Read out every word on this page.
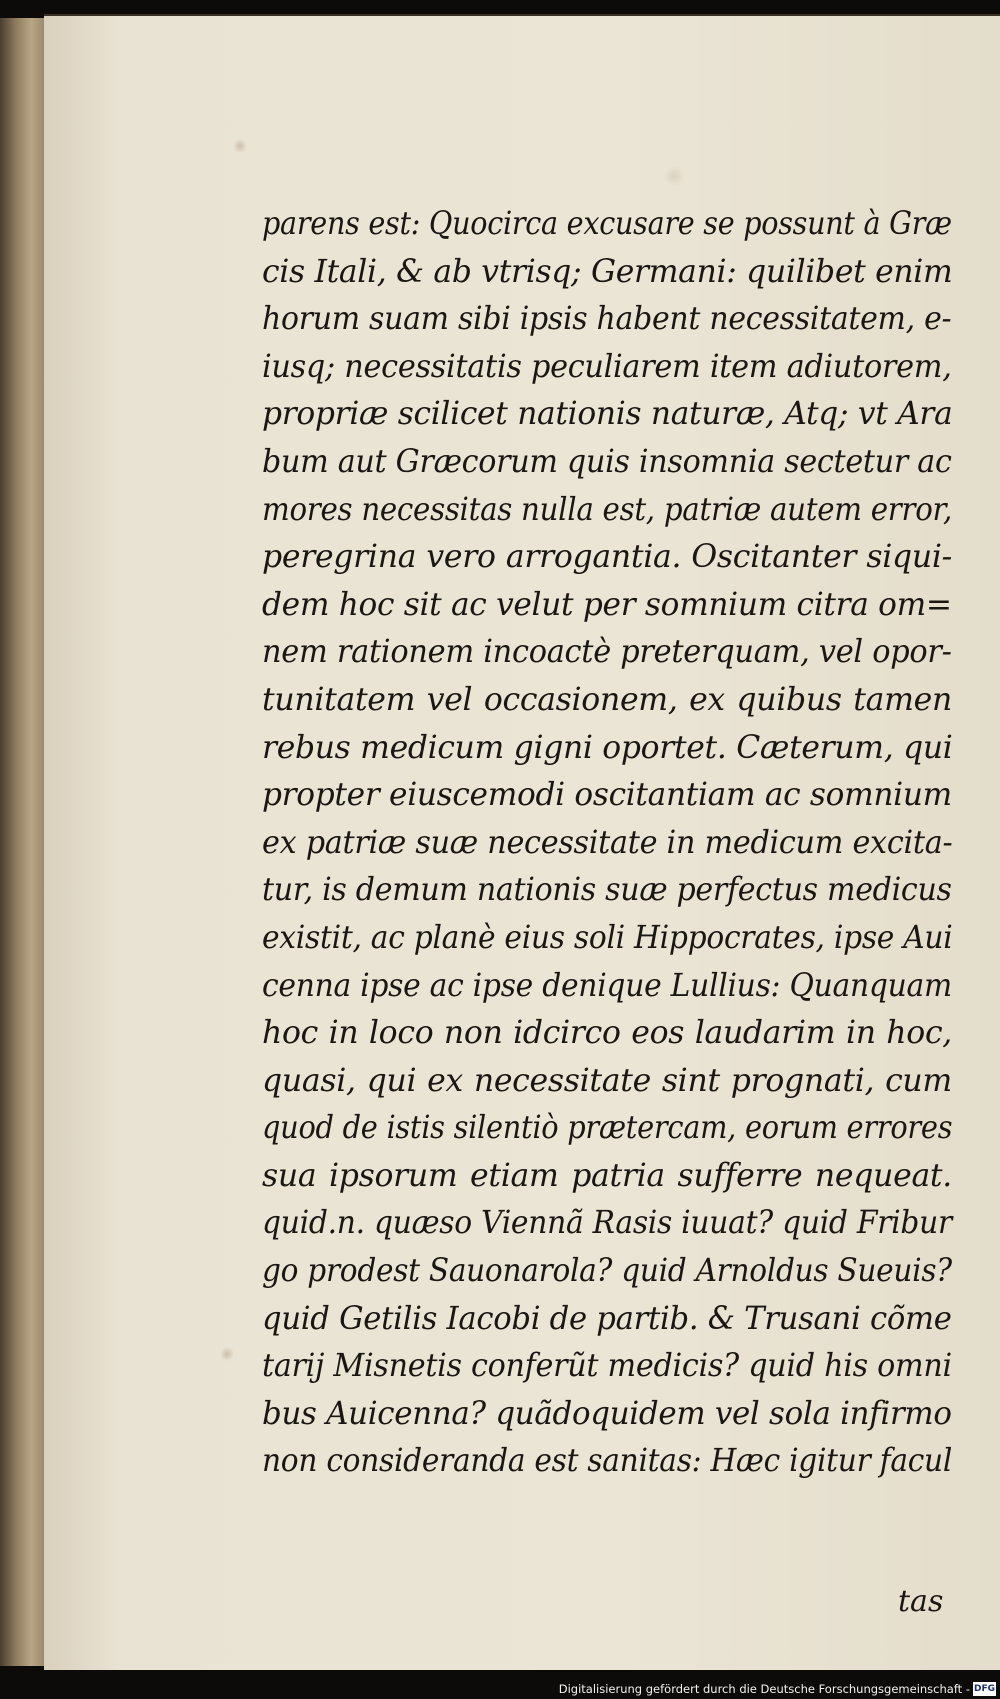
parens est: Quocirca excusare se possunt à Græ
cis Itali, & ab vtrisq; Germani: quilibet enim
horum suam sibi ipsis habent necessitatem, e-
iusq; necessitatis peculiarem item adiutorem,
propriæ scilicet nationis naturæ, Atq; vt Ara
bum aut Græcorum quis insomnia sectetur ac
mores necessitas nulla est, patriæ autem error,
peregrina vero arrogantia. Oscitanter siqui-
dem hoc sit ac velut per somnium citra om=
nem rationem incoactè preterquam, vel opor-
tunitatem vel occasionem, ex quibus tamen
rebus medicum gigni oportet. Cæterum, qui
propter eiuscemodi oscitantiam ac somnium
ex patriæ suæ necessitate in medicum excita-
tur, is demum nationis suæ perfectus medicus
existit, ac planè eius soli Hippocrates, ipse Aui
cenna ipse ac ipse denique Lullius: Quanquam
hoc in loco non idcirco eos laudarim in hoc,
quasi, qui ex necessitate sint prognati, cum
quod de istis silentiò prætercam, eorum errores
sua ipsorum etiam patria sufferre nequeat.
quid.n. quæso Viennã Rasis iuuat? quid Fribur
go prodest Sauonarola? quid Arnoldus Sueuis?
quid Getilis Iacobi de partib. & Trusani cõme
tarij Misnetis conferũt medicis? quid his omni
bus Auicenna? quãdoquidem vel sola infirmo
non consideranda est sanitas: Hæc igitur facul
tas
Digitalisierung gefördert durch die Deutsche Forschungsgemeinschaft - DFG
